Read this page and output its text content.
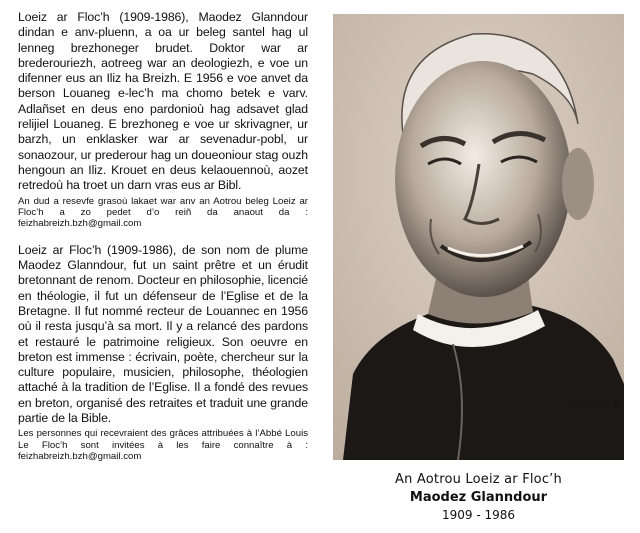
Loeiz ar Floc’h (1909-1986), Maodez Glanndour dindan e anv-pluenn, a oa ur beleg santel hag ul lenneg brezhoneger brudet. Doktor war ar brederouriezh, aotreeg war an deologiezh, e voe un difenner eus an Iliz ha Breizh. E 1956 e voe anvet da berson Louaneg e-lec’h ma chomo betek e varv. Adlañset en deus eno pardonioù hag adsavet glad relijiel Louaneg. E brezhoneg e voe ur skrivagner, ur barzh, un enklasker war ar sevenadur-pobl, ur sonaozour, ur prederour hag un doueoniour stag ouzh hengoun an Iliz. Krouet en deus kelaouennoù, aozet retredoù ha troet un darn vras eus ar Bibl.

An dud a resevfe grasoù lakaet war anv an Aotrou beleg Loeiz ar Floc’h a zo pedet d’o reiñ da anaout da : feizhabreizh.bzh@gmail.com

Loeiz ar Floc’h (1909-1986), de son nom de plume Maodez Glanndour, fut un saint prêtre et un érudit bretonnant de renom. Docteur en philosophie, licencié en théologie, il fut un défenseur de l’Eglise et de la Bretagne. Il fut nommé recteur de Louannec en 1956 où il resta jusqu’à sa mort. Il y a relancé des pardons et restauré le patrimoine religieux. Son oeuvre en breton est immense : écrivain, poète, chercheur sur la culture populaire, musicien, philosophe, théologien attaché à la tradition de l’Eglise. Il a fondé des revues en breton, organisé des retraites et traduit une grande partie de la Bible.

Les personnes qui recevraient des grâces attribuées à l’Abbé Louis Le Floc’h sont invitées à les faire connaître à : feizhabreizh.bzh@gmail.com

A. Floc’h
An Aotrou Loeiz ar Floc’h
Maodez Glanndour
1909 - 1986
